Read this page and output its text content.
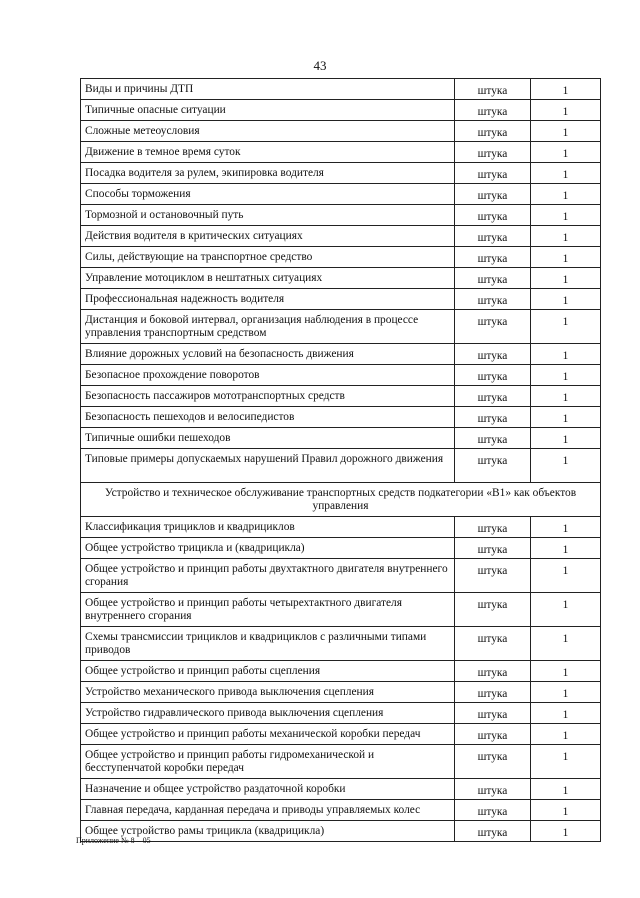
43
Виды и причины ДТП	штука	1
Типичные опасные ситуации	штука	1
Сложные метеоусловия	штука	1
Движение в темное время суток	штука	1
Посадка водителя за рулем, экипировка водителя	штука	1
Способы торможения	штука	1
Тормозной и остановочный путь	штука	1
Действия водителя в критических ситуациях	штука	1
Силы, действующие на транспортное средство	штука	1
Управление мотоциклом в нештатных ситуациях	штука	1
Профессиональная надежность водителя	штука	1
Дистанция и боковой интервал, организация наблюдения в процессе управления транспортным средством	штука	1
Влияние дорожных условий на безопасность движения	штука	1
Безопасное прохождение поворотов	штука	1
Безопасность пассажиров мототранспортных средств	штука	1
Безопасность пешеходов и велосипедистов	штука	1
Типичные ошибки пешеходов	штука	1
Типовые примеры допускаемых нарушений Правил дорожного движения	штука	1
Устройство и техническое обслуживание транспортных средств подкатегории «В1» как объектов управления		
Классификация трициклов и квадрициклов	штука	1
Общее устройство трицикла и (квадрицикла)	штука	1
Общее устройство и принцип работы двухтактного двигателя внутреннего сгорания	штука	1
Общее устройство и принцип работы четырехтактного двигателя внутреннего сгорания	штука	1
Схемы трансмиссии трициклов и квадрициклов с различными типами приводов	штука	1
Общее устройство и принцип работы сцепления	штука	1
Устройство механического привода выключения сцепления	штука	1
Устройство гидравлического привода выключения сцепления	штука	1
Общее устройство и принцип работы механической коробки передач	штука	1
Общее устройство и принцип работы гидромеханической и бесступенчатой коробки передач	штука	1
Назначение и общее устройство раздаточной коробки	штука	1
Главная передача, карданная передача и приводы управляемых колес	штука	1
Общее устройство рамы трицикла (квадрицикла)	штука	1
Приложение № 8 – 05
